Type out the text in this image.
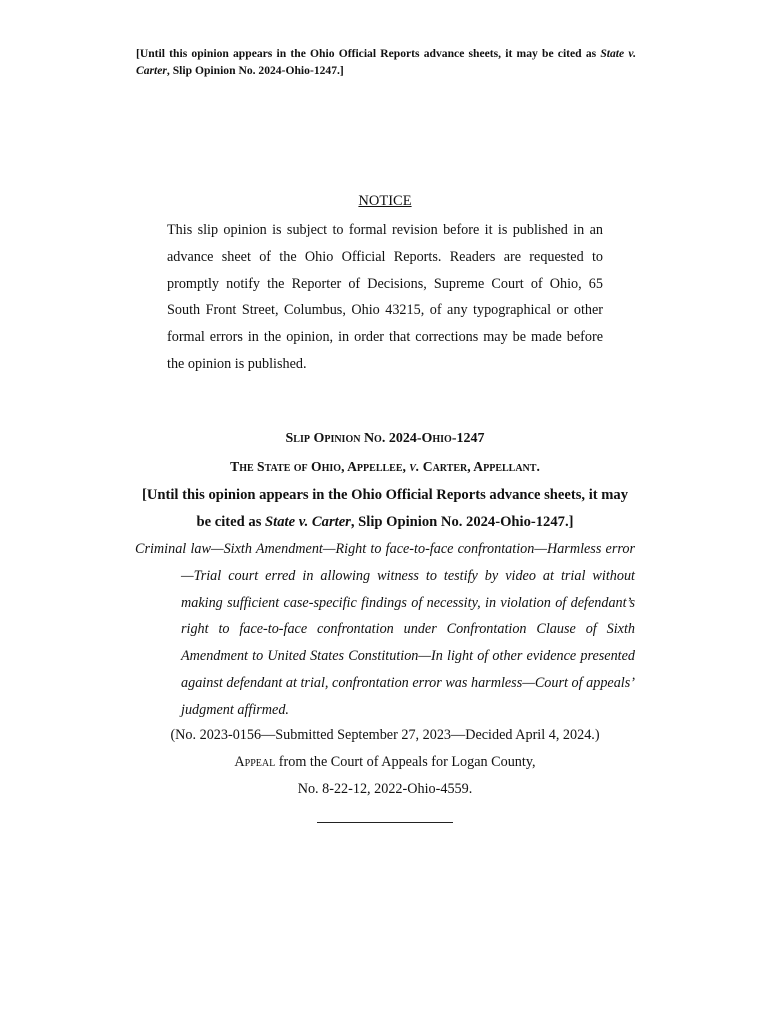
[Until this opinion appears in the Ohio Official Reports advance sheets, it may be cited as State v. Carter, Slip Opinion No. 2024-Ohio-1247.]
NOTICE
This slip opinion is subject to formal revision before it is published in an advance sheet of the Ohio Official Reports. Readers are requested to promptly notify the Reporter of Decisions, Supreme Court of Ohio, 65 South Front Street, Columbus, Ohio 43215, of any typographical or other formal errors in the opinion, in order that corrections may be made before the opinion is published.
Slip Opinion No. 2024-Ohio-1247
The State of Ohio, Appellee, v. Carter, Appellant.
[Until this opinion appears in the Ohio Official Reports advance sheets, it may be cited as State v. Carter, Slip Opinion No. 2024-Ohio-1247.]
Criminal law—Sixth Amendment—Right to face-to-face confrontation—Harmless error—Trial court erred in allowing witness to testify by video at trial without making sufficient case-specific findings of necessity, in violation of defendant’s right to face-to-face confrontation under Confrontation Clause of Sixth Amendment to United States Constitution—In light of other evidence presented against defendant at trial, confrontation error was harmless—Court of appeals’ judgment affirmed.
(No. 2023-0156—Submitted September 27, 2023—Decided April 4, 2024.)
Appeal from the Court of Appeals for Logan County,
No. 8-22-12, 2022-Ohio-4559.
